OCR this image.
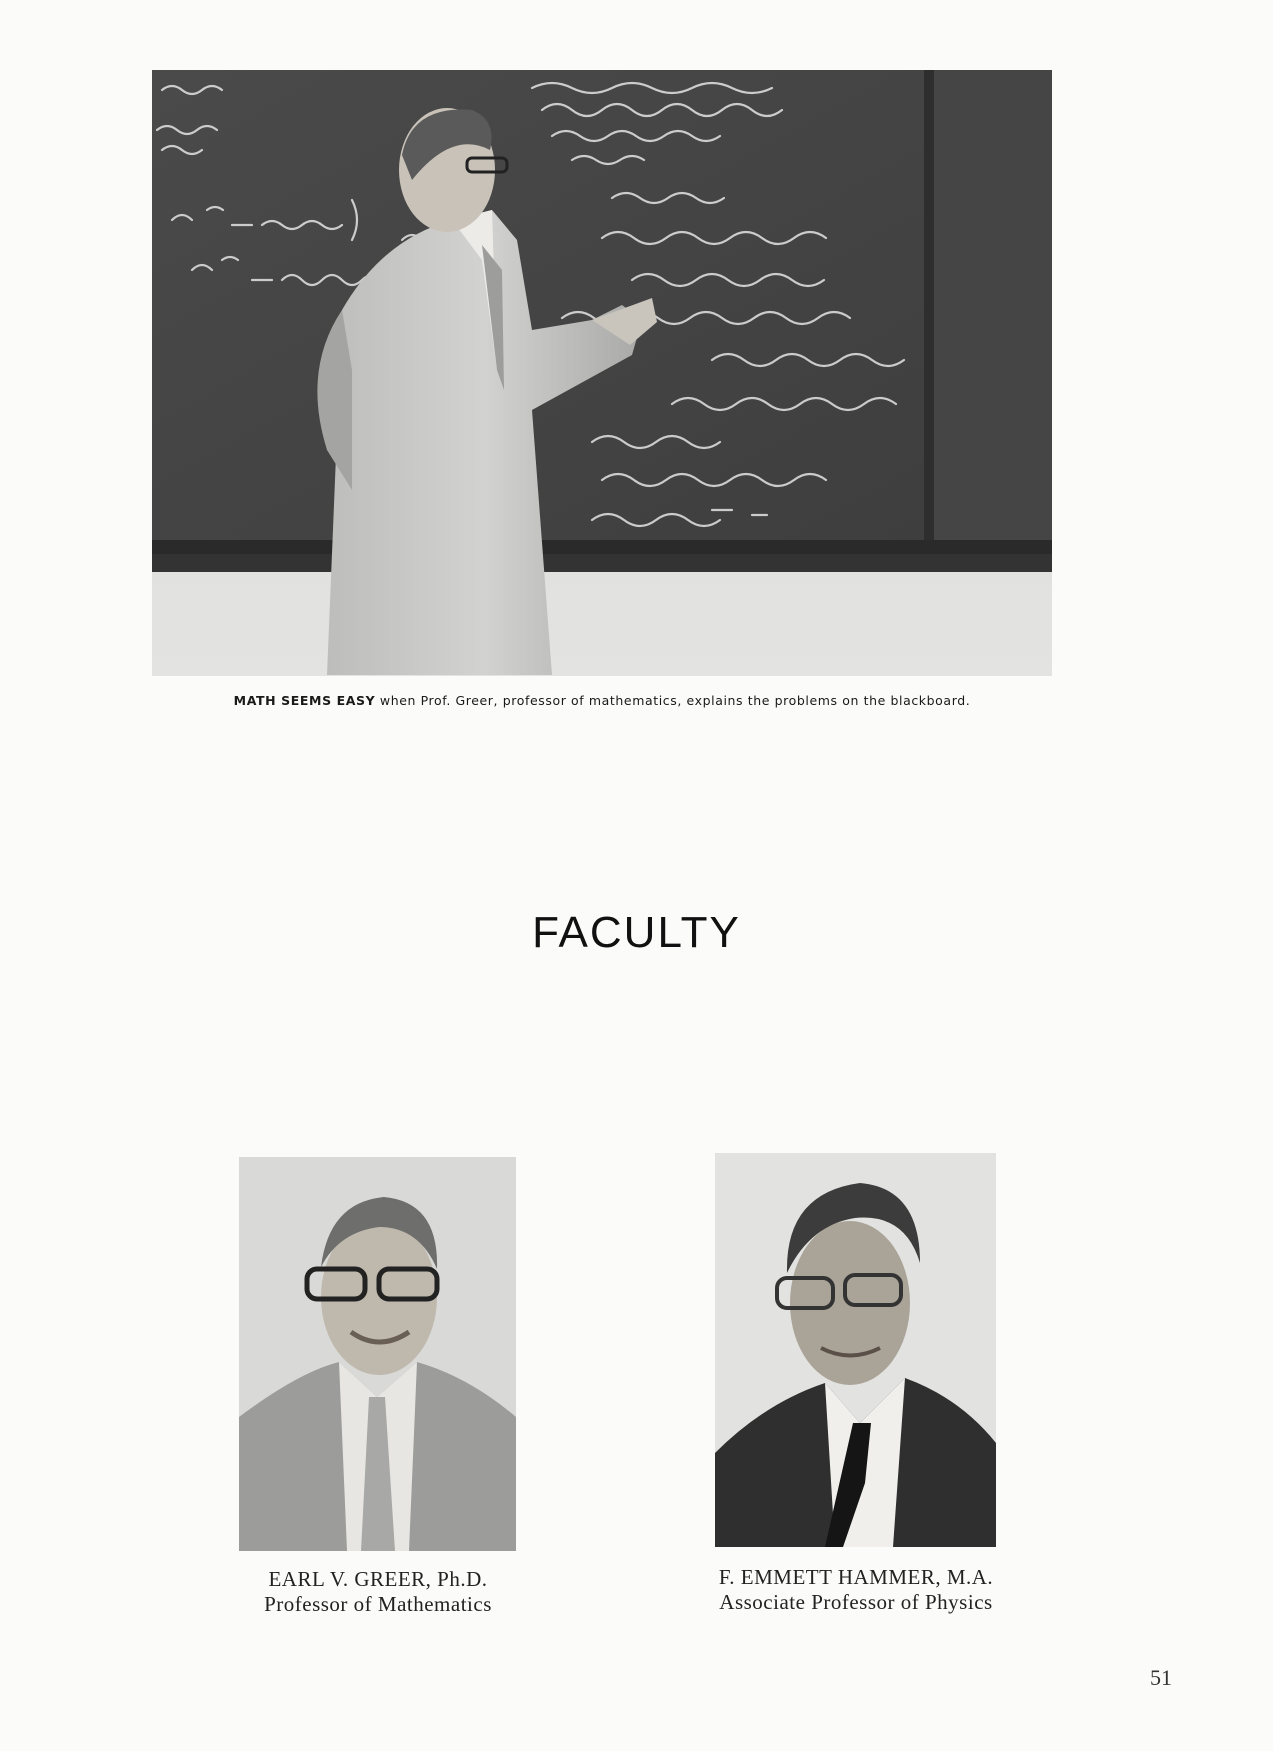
MATH SEEMS EASY when Prof. Greer, professor of mathematics, explains the problems on the blackboard.
FACULTY
EARL V. GREER, Ph.D.
Professor of Mathematics
F. EMMETT HAMMER, M.A.
Associate Professor of Physics
51
